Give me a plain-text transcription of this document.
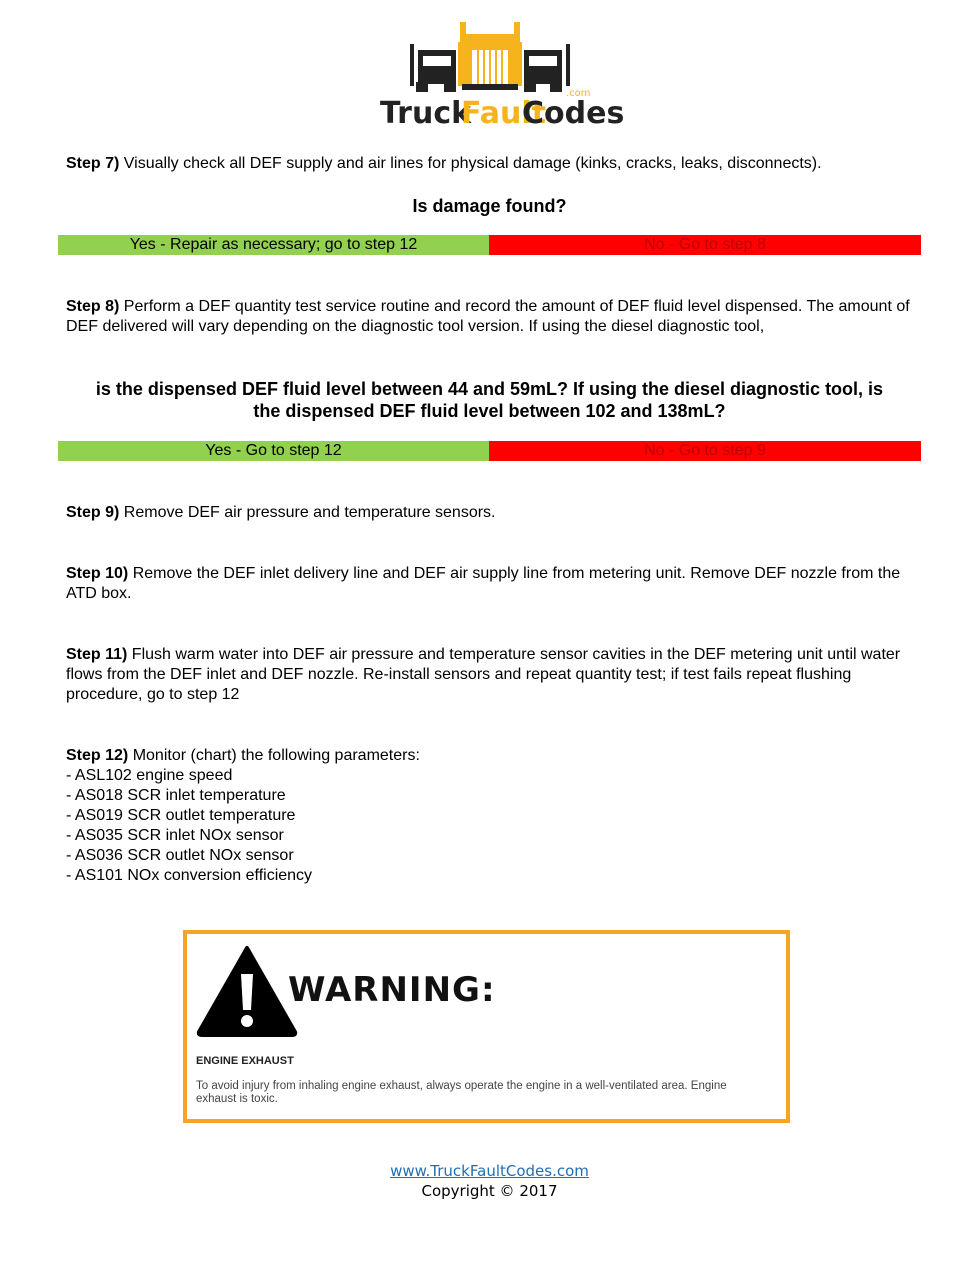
Truck
Fault
Codes
.com
Step 7) Visually check all DEF supply and air lines for physical damage (kinks, cracks, leaks, disconnects).
Is damage found?
Yes - Repair as necessary; go to step 12	No - Go to step 8
Step 8) Perform a DEF quantity test service routine and record the amount of DEF fluid level dispensed. The amount of DEF delivered will vary depending on the diagnostic tool version. If using the diesel diagnostic tool,
is the dispensed DEF fluid level between 44 and 59mL? If using the diesel diagnostic tool, is
the dispensed DEF fluid level between 102 and 138mL?
Yes - Go to step 12	No - Go to step 9
Step 9) Remove DEF air pressure and temperature sensors.
Step 10) Remove the DEF inlet delivery line and DEF air supply line from metering unit. Remove DEF nozzle from the ATD box.
Step 11) Flush warm water into DEF air pressure and temperature sensor cavities in the DEF metering unit until water flows from the DEF inlet and DEF nozzle. Re-install sensors and repeat quantity test; if test fails repeat flushing procedure, go to step 12
Step 12) Monitor (chart) the following parameters:
- ASL102 engine speed
- AS018 SCR inlet temperature
- AS019 SCR outlet temperature
- AS035 SCR inlet NOx sensor
- AS036 SCR outlet NOx sensor
- AS101 NOx conversion efficiency
WARNING:
ENGINE EXHAUST
To avoid injury from inhaling engine exhaust, always operate the engine in a well-ventilated area. Engine exhaust is toxic.
www.TruckFaultCodes.com
Copyright © 2017
